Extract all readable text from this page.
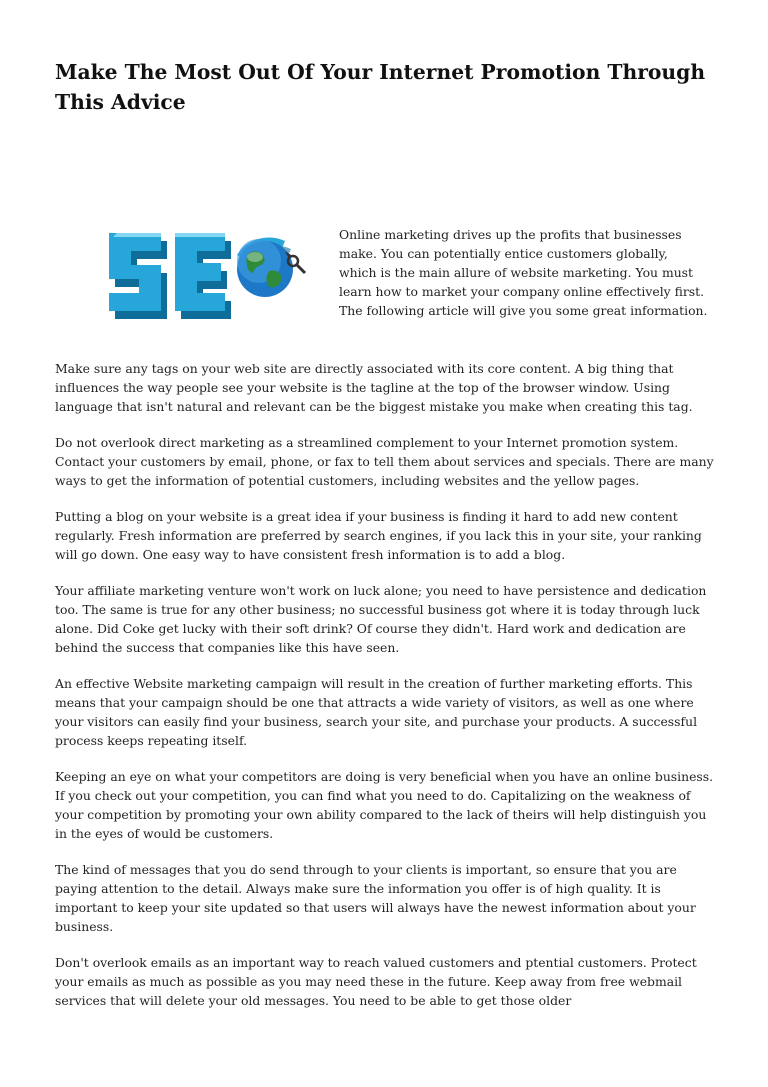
Make The Most Out Of Your Internet Promotion Through This Advice

Online marketing drives up the profits that businesses make. You can potentially entice customers globally, which is the main allure of website marketing. You must learn how to market your company online effectively first. The following article will give you some great information.

Make sure any tags on your web site are directly associated with its core content. A big thing that influences the way people see your website is the tagline at the top of the browser window. Using language that isn't natural and relevant can be the biggest mistake you make when creating this tag.

Do not overlook direct marketing as a streamlined complement to your Internet promotion system. Contact your customers by email, phone, or fax to tell them about services and specials. There are many ways to get the information of potential customers, including websites and the yellow pages.

Putting a blog on your website is a great idea if your business is finding it hard to add new content regularly. Fresh information are preferred by search engines, if you lack this in your site, your ranking will go down. One easy way to have consistent fresh information is to add a blog.

Your affiliate marketing venture won't work on luck alone; you need to have persistence and dedication too. The same is true for any other business; no successful business got where it is today through luck alone. Did Coke get lucky with their soft drink? Of course they didn't. Hard work and dedication are behind the success that companies like this have seen.

An effective Website marketing campaign will result in the creation of further marketing efforts. This means that your campaign should be one that attracts a wide variety of visitors, as well as one where your visitors can easily find your business, search your site, and purchase your products. A successful process keeps repeating itself.

Keeping an eye on what your competitors are doing is very beneficial when you have an online business. If you check out your competition, you can find what you need to do. Capitalizing on the weakness of your competition by promoting your own ability compared to the lack of theirs will help distinguish you in the eyes of would be customers.

The kind of messages that you do send through to your clients is important, so ensure that you are paying attention to the detail. Always make sure the information you offer is of high quality. It is important to keep your site updated so that users will always have the newest information about your business.

Don't overlook emails as an important way to reach valued customers and ptential customers. Protect your emails as much as possible as you may need these in the future. Keep away from free webmail services that will delete your old messages. You need to be able to get those older
